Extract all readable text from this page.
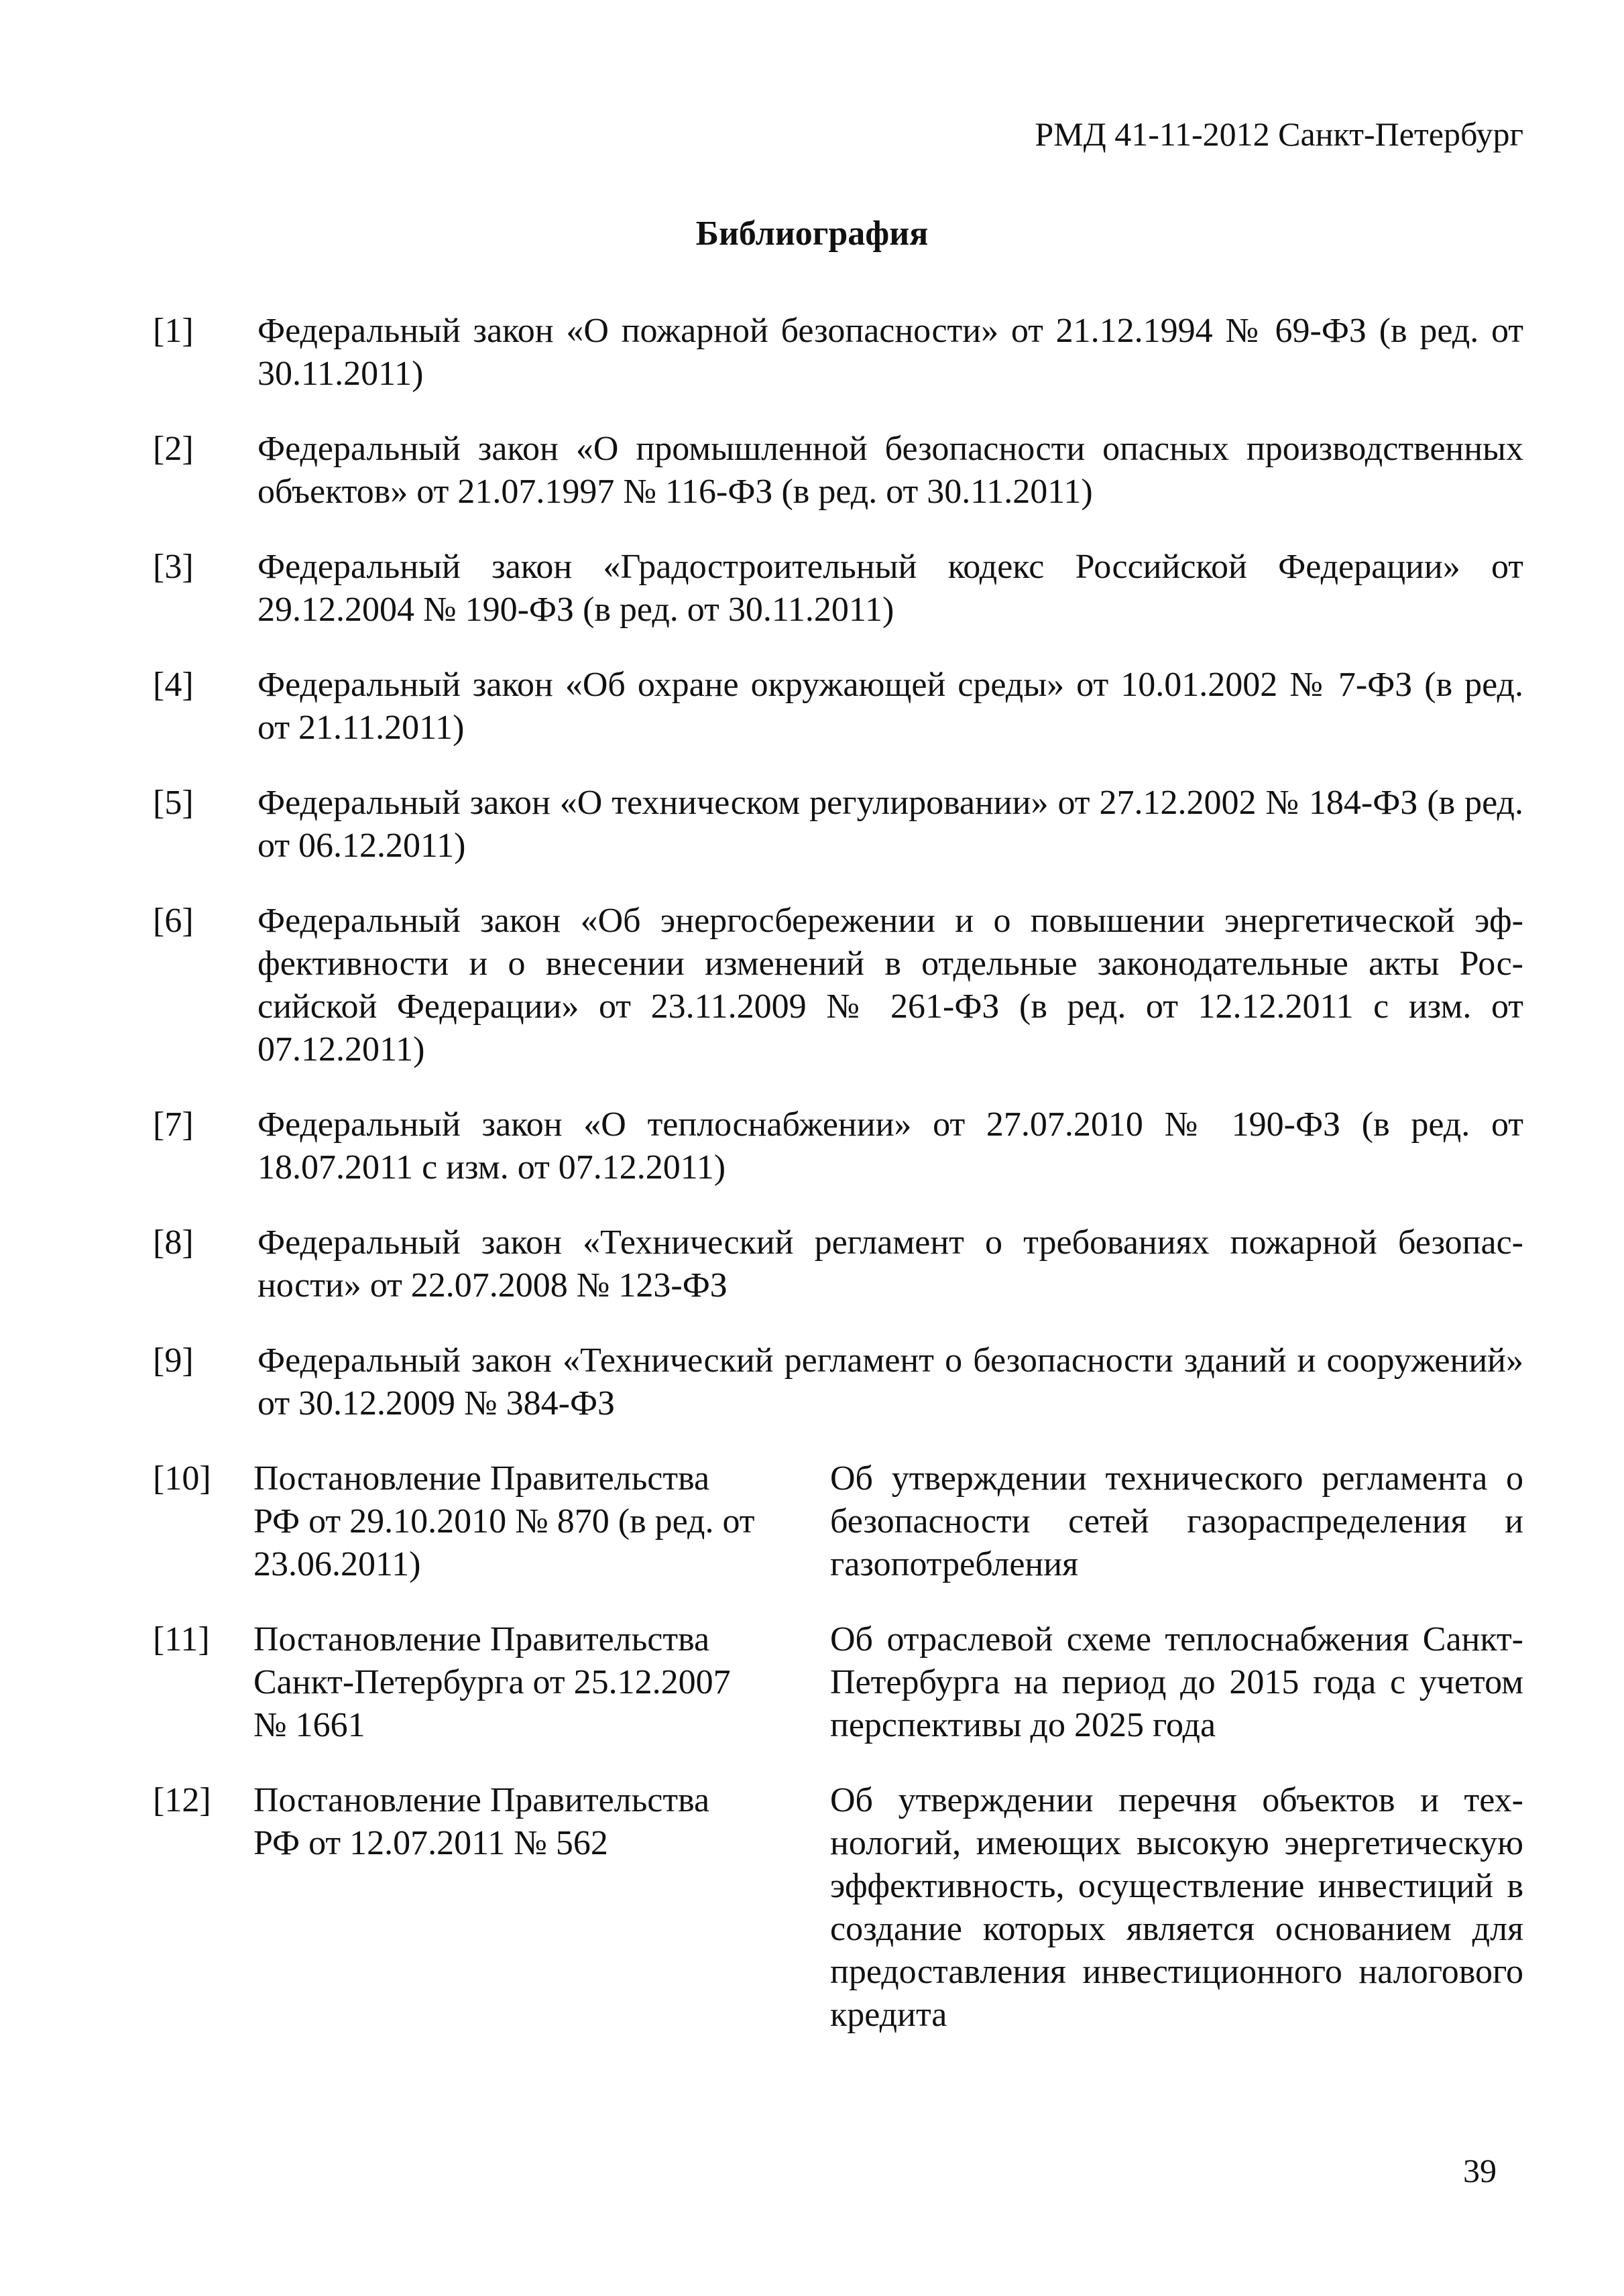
РМД 41-11-2012 Санкт-Петербург
Библиография
[1] Федеральный закон «О пожарной безопасности» от 21.12.1994 № 69-ФЗ (в ред. от 30.11.2011)
[2] Федеральный закон «О промышленной безопасности опасных производственных объектов» от 21.07.1997 № 116-ФЗ (в ред. от 30.11.2011)
[3] Федеральный закон «Градостроительный кодекс Российской Федерации» от 29.12.2004 № 190-ФЗ (в ред. от 30.11.2011)
[4] Федеральный закон «Об охране окружающей среды» от 10.01.2002 № 7-ФЗ (в ред. от 21.11.2011)
[5] Федеральный закон «О техническом регулировании» от 27.12.2002 № 184-ФЗ (в ред. от 06.12.2011)
[6] Федеральный закон «Об энергосбережении и о повышении энергетической эффективности и о внесении изменений в отдельные законодательные акты Российской Федерации» от 23.11.2009 № 261-ФЗ (в ред. от 12.12.2011 с изм. от 07.12.2011)
[7] Федеральный закон «О теплоснабжении» от 27.07.2010 № 190-ФЗ (в ред. от 18.07.2011 с изм. от 07.12.2011)
[8] Федеральный закон «Технический регламент о требованиях пожарной безопасности» от 22.07.2008 № 123-ФЗ
[9] Федеральный закон «Технический регламент о безопасности зданий и сооружений» от 30.12.2009 № 384-ФЗ
[10] Постановление Правительства РФ от 29.10.2010 № 870 (в ред. от 23.06.2011)
Об утверждении технического регламента о безопасности сетей газораспределения и газопотребления
[11] Постановление Правительства Санкт-Петербурга от 25.12.2007 № 1661
Об отраслевой схеме теплоснабжения Санкт-Петербурга на период до 2015 года с учетом перспективы до 2025 года
[12] Постановление Правительства РФ от 12.07.2011 № 562
Об утверждении перечня объектов и технологий, имеющих высокую энергетическую эффективность, осуществление инвестиций в создание которых является основанием для предоставления инвестиционного налогового кредита
39
